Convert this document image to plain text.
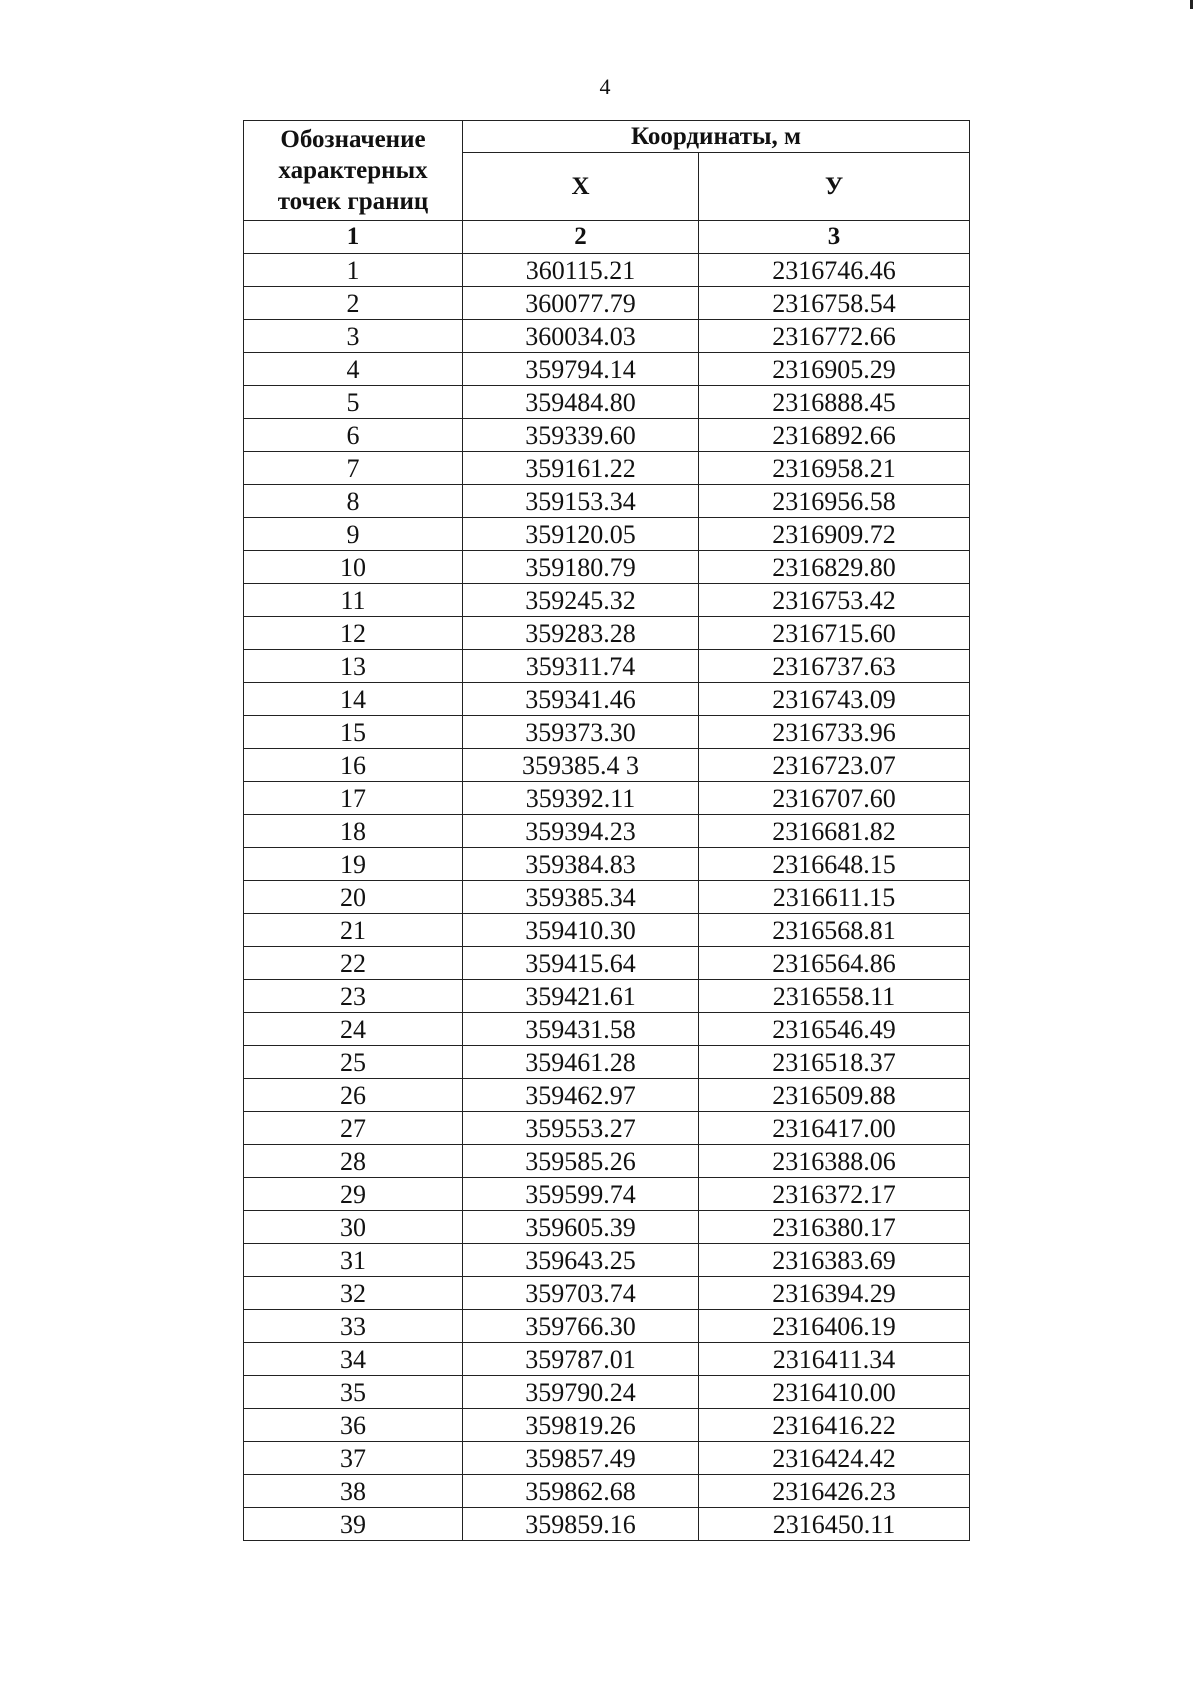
4
Обозначение характерных точек границ	Координаты, м	
	X	У
1	2	3
1	360115.21	2316746.46
2	360077.79	2316758.54
3	360034.03	2316772.66
4	359794.14	2316905.29
5	359484.80	2316888.45
6	359339.60	2316892.66
7	359161.22	2316958.21
8	359153.34	2316956.58
9	359120.05	2316909.72
10	359180.79	2316829.80
11	359245.32	2316753.42
12	359283.28	2316715.60
13	359311.74	2316737.63
14	359341.46	2316743.09
15	359373.30	2316733.96
16	359385.4 3	2316723.07
17	359392.11	2316707.60
18	359394.23	2316681.82
19	359384.83	2316648.15
20	359385.34	2316611.15
21	359410.30	2316568.81
22	359415.64	2316564.86
23	359421.61	2316558.11
24	359431.58	2316546.49
25	359461.28	2316518.37
26	359462.97	2316509.88
27	359553.27	2316417.00
28	359585.26	2316388.06
29	359599.74	2316372.17
30	359605.39	2316380.17
31	359643.25	2316383.69
32	359703.74	2316394.29
33	359766.30	2316406.19
34	359787.01	2316411.34
35	359790.24	2316410.00
36	359819.26	2316416.22
37	359857.49	2316424.42
38	359862.68	2316426.23
39	359859.16	2316450.11
